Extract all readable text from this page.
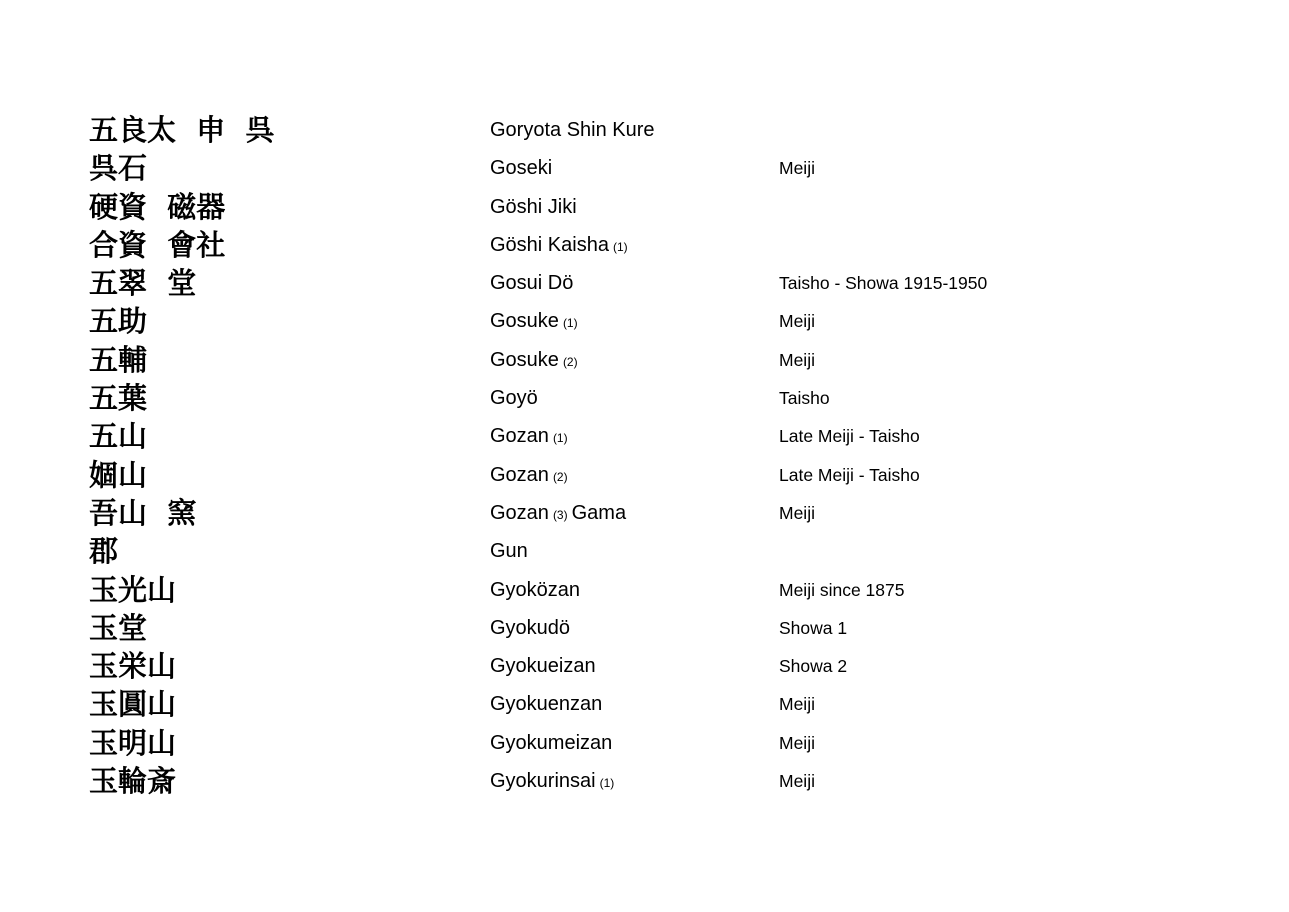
五良太  申  呉	Goryota Shin Kure
呉石	Goseki	Meiji
硬資  磁器	Göshi Jiki
合資  會社	Göshi Kaisha (1)
五翠  堂	Gosui Dö	Taisho - Showa 1915-1950
五助	Gosuke (1)	Meiji
五輔	Gosuke (2)	Meiji
五葉	Goyö	Taisho
五山	Gozan (1)	Late Meiji - Taisho
婟山	Gozan (2)	Late Meiji - Taisho
吾山  窯	Gozan (3) Gama	Meiji
郡	Gun
玉光山	Gyoközan	Meiji since 1875
玉堂	Gyokudö	Showa 1
玉栄山	Gyokueizan	Showa 2
玉圓山	Gyokuenzan	Meiji
玉明山	Gyokumeizan	Meiji
玉輪斎	Gyokurinsai (1)	Meiji
